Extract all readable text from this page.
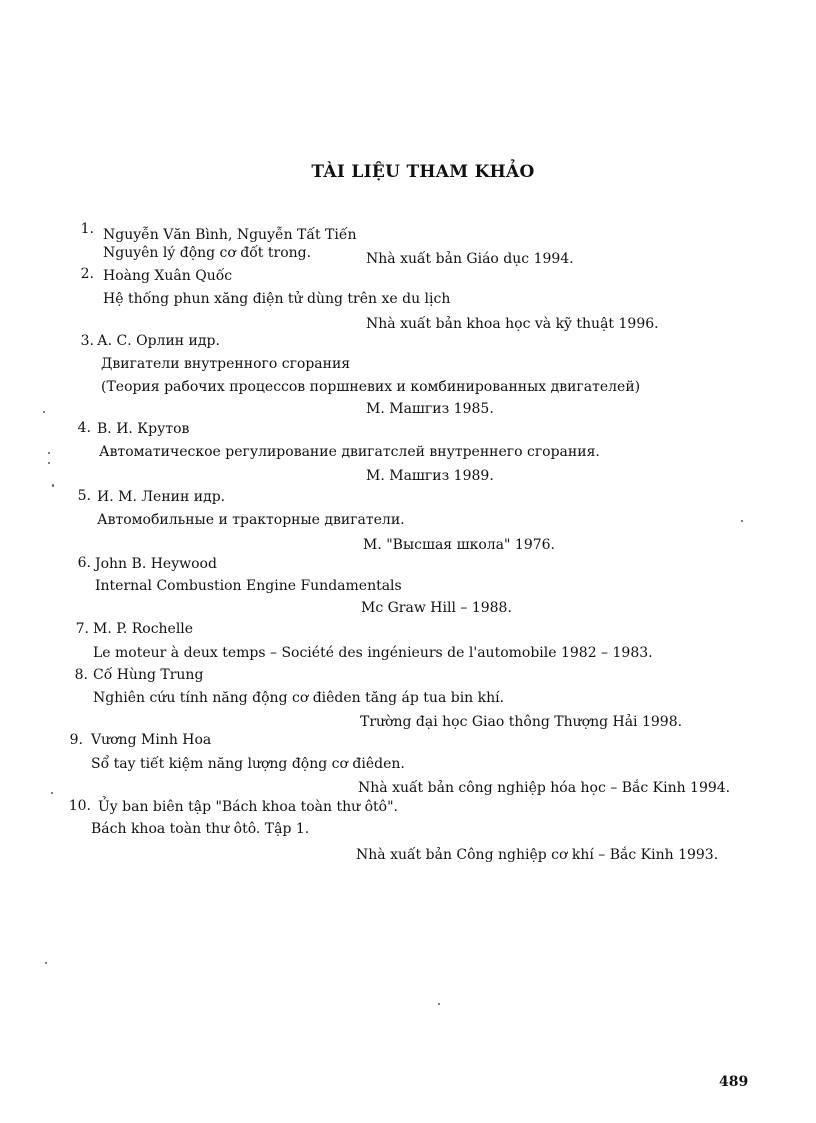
TÀI LIỆU THAM KHẢO
1. Nguyễn Văn Bình, Nguyễn Tất Tiến
Nguyên lý động cơ đốt trong.	Nhà xuất bản Giáo dục 1994.
2. Hoàng Xuân Quốc
Hệ thống phun xăng điện tử dùng trên xe du lịch
Nhà xuất bản khoa học và kỹ thuật 1996.
3. А. С. Орлин идр.
Двигатели внутренного сгорания
(Теория рабочих процессов поршневих и комбинированных двигателей)
М. Машгиз 1985.
4. В. И. Крутов
Автоматическое регулирование двигатслей внутреннего сгорания.
М. Машгиз 1989.
5. И. М. Ленин идр.
Автомобильные и тракторные двигатели.
М. "Высшая школа" 1976.
6. John B. Heywood
Internal Combustion Engine Fundamentals
Mc Graw Hill – 1988.
7. M. P. Rochelle
Le moteur à deux temps – Société des ingénieurs de l'automobile 1982 – 1983.
8. Cố Hùng Trung
Nghiên cứu tính năng động cơ điêden tăng áp tua bin khí.
Trường đại học Giao thông Thượng Hải 1998.
9. Vương Minh Hoa
Sổ tay tiết kiệm năng lượng động cơ điêden.
Nhà xuất bản công nghiệp hóa học – Bắc Kinh 1994.
10. Ủy ban biên tập "Bách khoa toàn thư ôtô".
Bách khoa toàn thư ôtô. Tập 1.
Nhà xuất bản Công nghiệp cơ khí – Bắc Kinh 1993.
489
